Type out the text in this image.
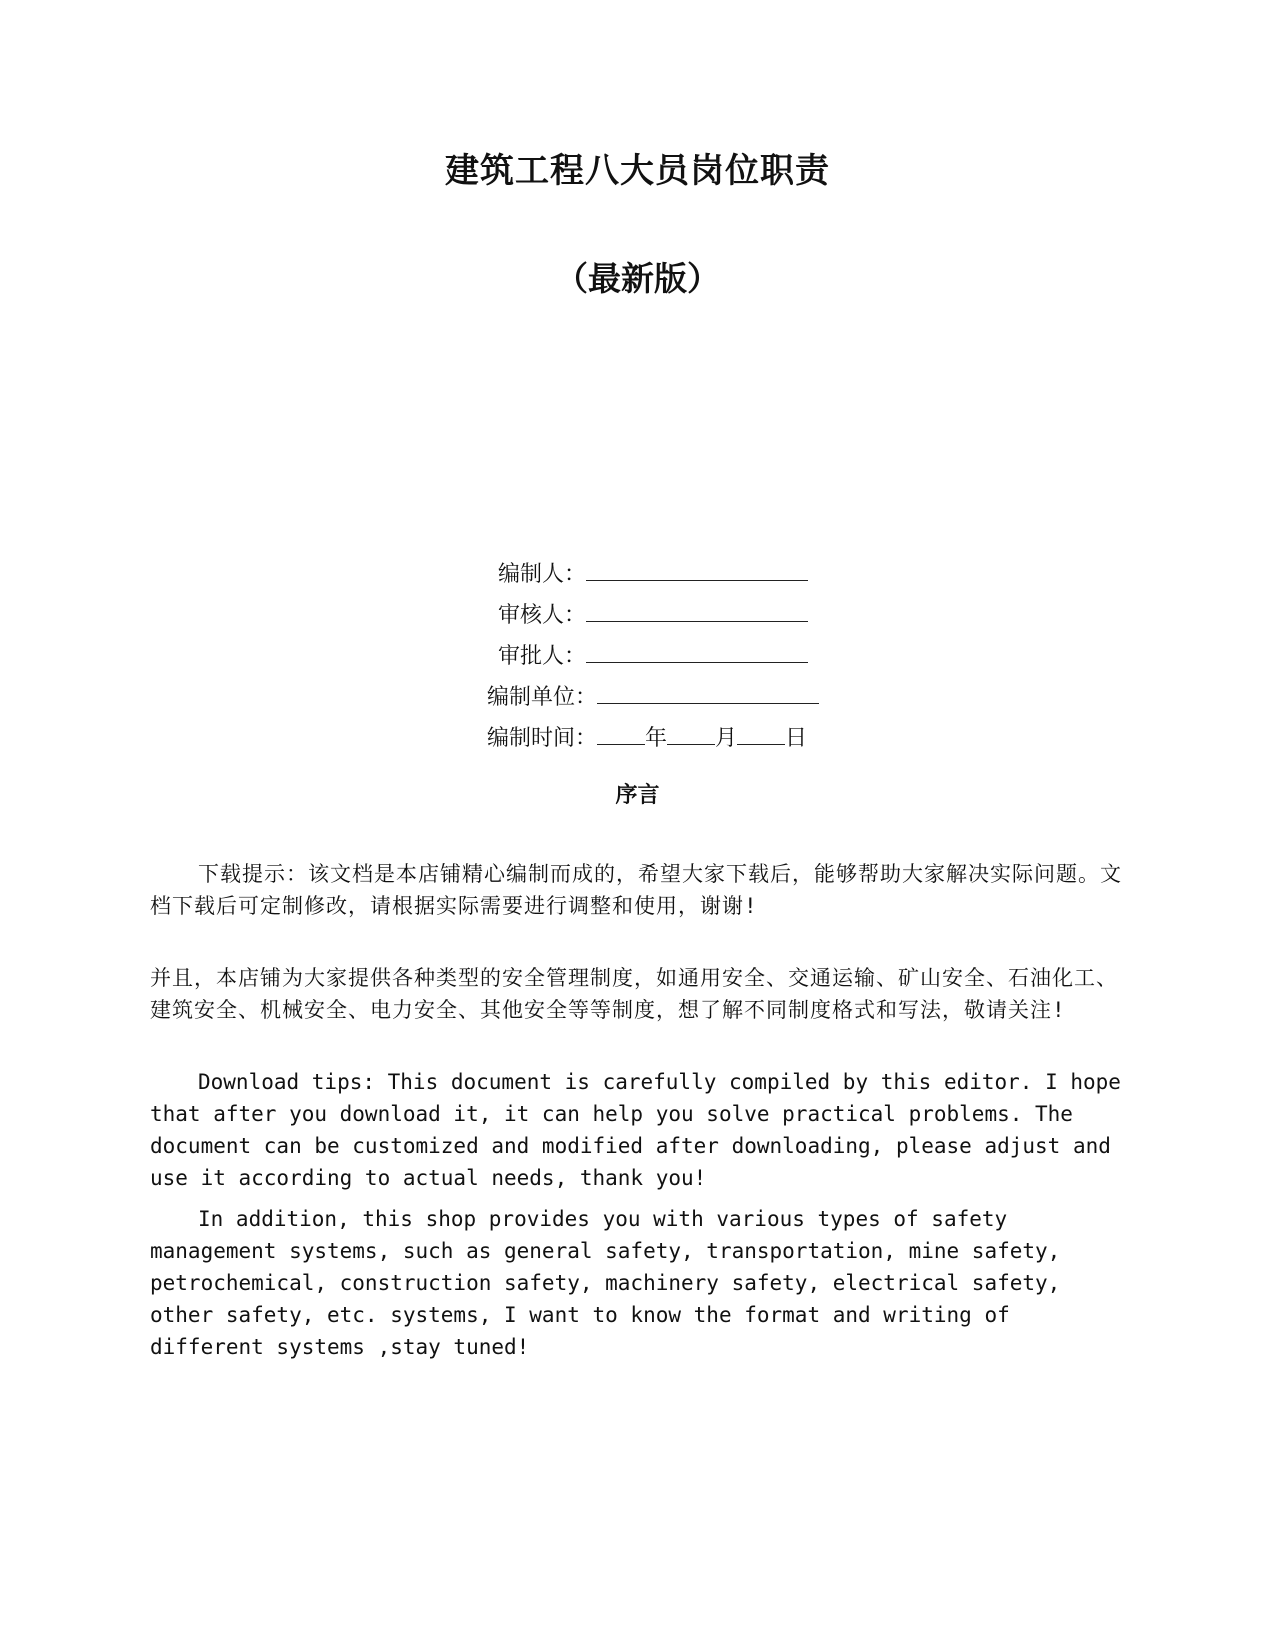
建筑工程八大员岗位职责
（最新版）

编制人：

审核人：

审批人：

编制单位：

编制时间： 年 月 日

序言
下载提示：该文档是本店铺精心编制而成的，希望大家下载后，能够帮助大家解决实际问题。文档下载后可定制修改，请根据实际需要进行调整和使用，谢谢!
并且，本店铺为大家提供各种类型的安全管理制度，如通用安全、交通运输、矿山安全、石油化工、建筑安全、机械安全、电力安全、其他安全等等制度，想了解不同制度格式和写法，敬请关注!
Download tips: This document is carefully compiled by this editor. I hope that after you download it, it can help you solve practical problems. The document can be customized and modified after downloading, please adjust and use it according to actual needs, thank you!
In addition, this shop provides you with various types of safety management systems, such as general safety, transportation, mine safety, petrochemical, construction safety, machinery safety, electrical safety, other safety, etc. systems, I want to know the format and writing of different systems ,stay tuned!
